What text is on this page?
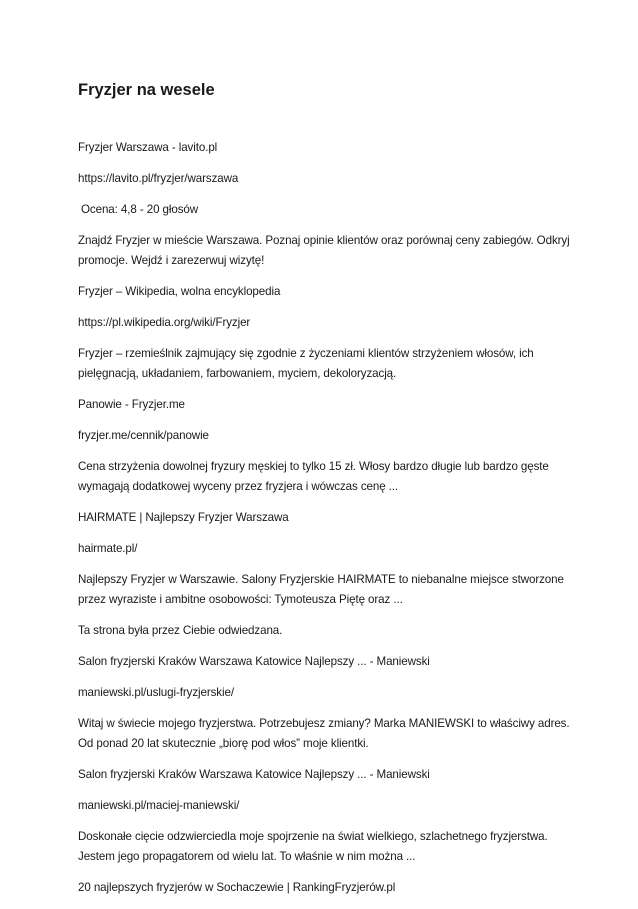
Fryzjer na wesele

Fryzjer Warszawa - lavito.pl

https://lavito.pl/fryzjer/warszawa

Ocena: 4,8 - 20 głosów

Znajdź Fryzjer w mieście Warszawa. Poznaj opinie klientów oraz porównaj ceny zabiegów. Odkryj promocje. Wejdź i zarezerwuj wizytę!

Fryzjer – Wikipedia, wolna encyklopedia

https://pl.wikipedia.org/wiki/Fryzjer

Fryzjer – rzemieślnik zajmujący się zgodnie z życzeniami klientów strzyżeniem włosów, ich pielęgnacją, układaniem, farbowaniem, myciem, dekoloryzacją.

Panowie - Fryzjer.me

fryzjer.me/cennik/panowie

Cena strzyżenia dowolnej fryzury męskiej to tylko 15 zł. Włosy bardzo długie lub bardzo gęste wymagają dodatkowej wyceny przez fryzjera i wówczas cenę ...

HAIRMATE | Najlepszy Fryzjer Warszawa

hairmate.pl/

Najlepszy Fryzjer w Warszawie. Salony Fryzjerskie HAIRMATE to niebanalne miejsce stworzone przez wyraziste i ambitne osobowości: Tymoteusza Piętę oraz ...

Ta strona była przez Ciebie odwiedzana.

Salon fryzjerski Kraków Warszawa Katowice Najlepszy ... - Maniewski

maniewski.pl/uslugi-fryzjerskie/

Witaj w świecie mojego fryzjerstwa. Potrzebujesz zmiany? Marka MANIEWSKI to właściwy adres. Od ponad 20 lat skutecznie „biorę pod włos” moje klientki.

Salon fryzjerski Kraków Warszawa Katowice Najlepszy ... - Maniewski

maniewski.pl/maciej-maniewski/

Doskonałe cięcie odzwierciedla moje spojrzenie na świat wielkiego, szlachetnego fryzjerstwa. Jestem jego propagatorem od wielu lat. To właśnie w nim można ...

20 najlepszych fryzjerów w Sochaczewie | RankingFryzjerów.pl
